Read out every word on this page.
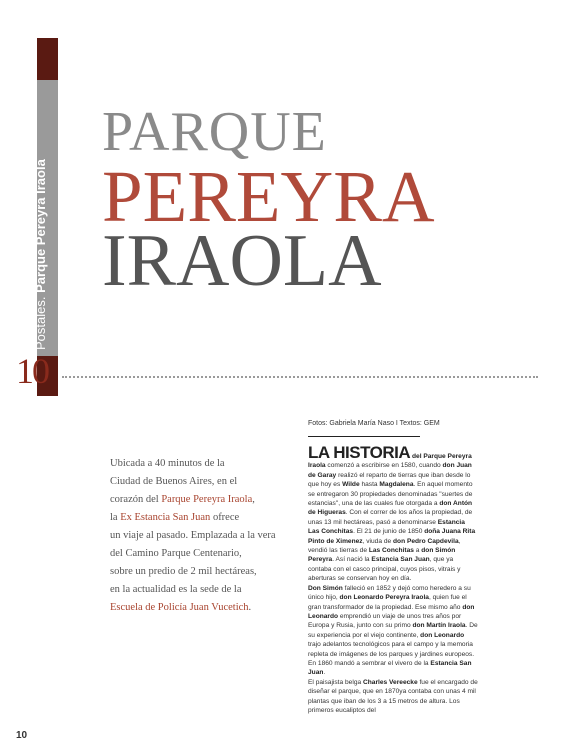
Postales. Parque Pereyra Iraola
10
PARQUE
PEREYRA
IRAOLA
Fotos: Gabriela María Naso I Textos: GEM
Ubicada a 40 minutos de la
Ciudad de Buenos Aires, en el
corazón del Parque Pereyra Iraola,
la Ex Estancia San Juan ofrece
un viaje al pasado. Emplazada a la vera
del Camino Parque Centenario,
sobre un predio de 2 mil hectáreas,
en la actualidad es la sede de la
Escuela de Policía Juan Vucetich.

LA HISTORIA del Parque Pereyra Iraola comenzó a escribirse en 1580, cuando don Juan de Garay realizó el reparto de tierras que iban desde lo que hoy es Wilde hasta Magdalena. En aquel momento se entregaron 30 propiedades denominadas "suertes de estancias", una de las cuales fue otorgada a don Antón de Higueras. Con el correr de los años la propiedad, de unas 13 mil hectáreas, pasó a denominarse Estancia Las Conchitas. El 21 de junio de 1850 doña Juana Rita Pinto de Ximenez, viuda de don Pedro Capdevila, vendió las tierras de Las Conchitas a don Simón Pereyra. Así nació la Estancia San Juan, que ya contaba con el casco principal, cuyos pisos, vitrais y aberturas se conservan hoy en día.

Don Simón falleció en 1852 y dejó como heredero a su único hijo, don Leonardo Pereyra Iraola, quien fue el gran transformador de la propiedad. Ese mismo año don Leonardo emprendió un viaje de unos tres años por Europa y Rusia, junto con su primo don Martín Iraola. De su experiencia por el viejo continente, don Leonardo trajo adelantos tecnológicos para el campo y la memoria repleta de imágenes de los parques y jardines europeos. En 1860 mandó a sembrar el vivero de la Estancia San Juan.

El paisajista belga Charles Vereecke fue el encargado de diseñar el parque, que en 1870ya contaba con unas 4 mil plantas que iban de los 3 a 15 metros de altura. Los primeros eucaliptos del

10
